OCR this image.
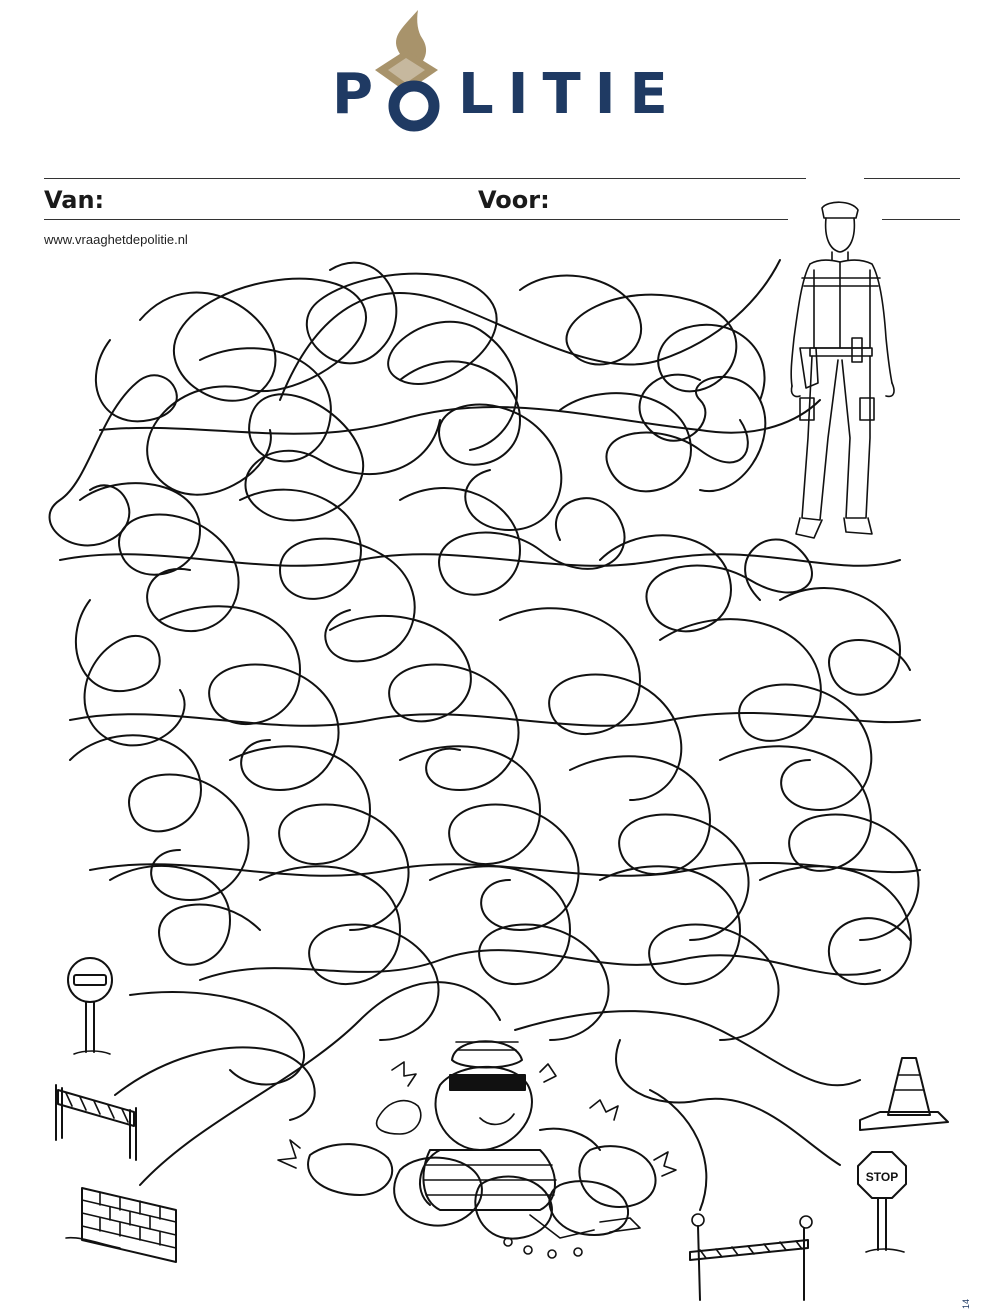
P LITIE
Van:	Voor:
www.vraaghetdepolitie.nl
STOP
14
